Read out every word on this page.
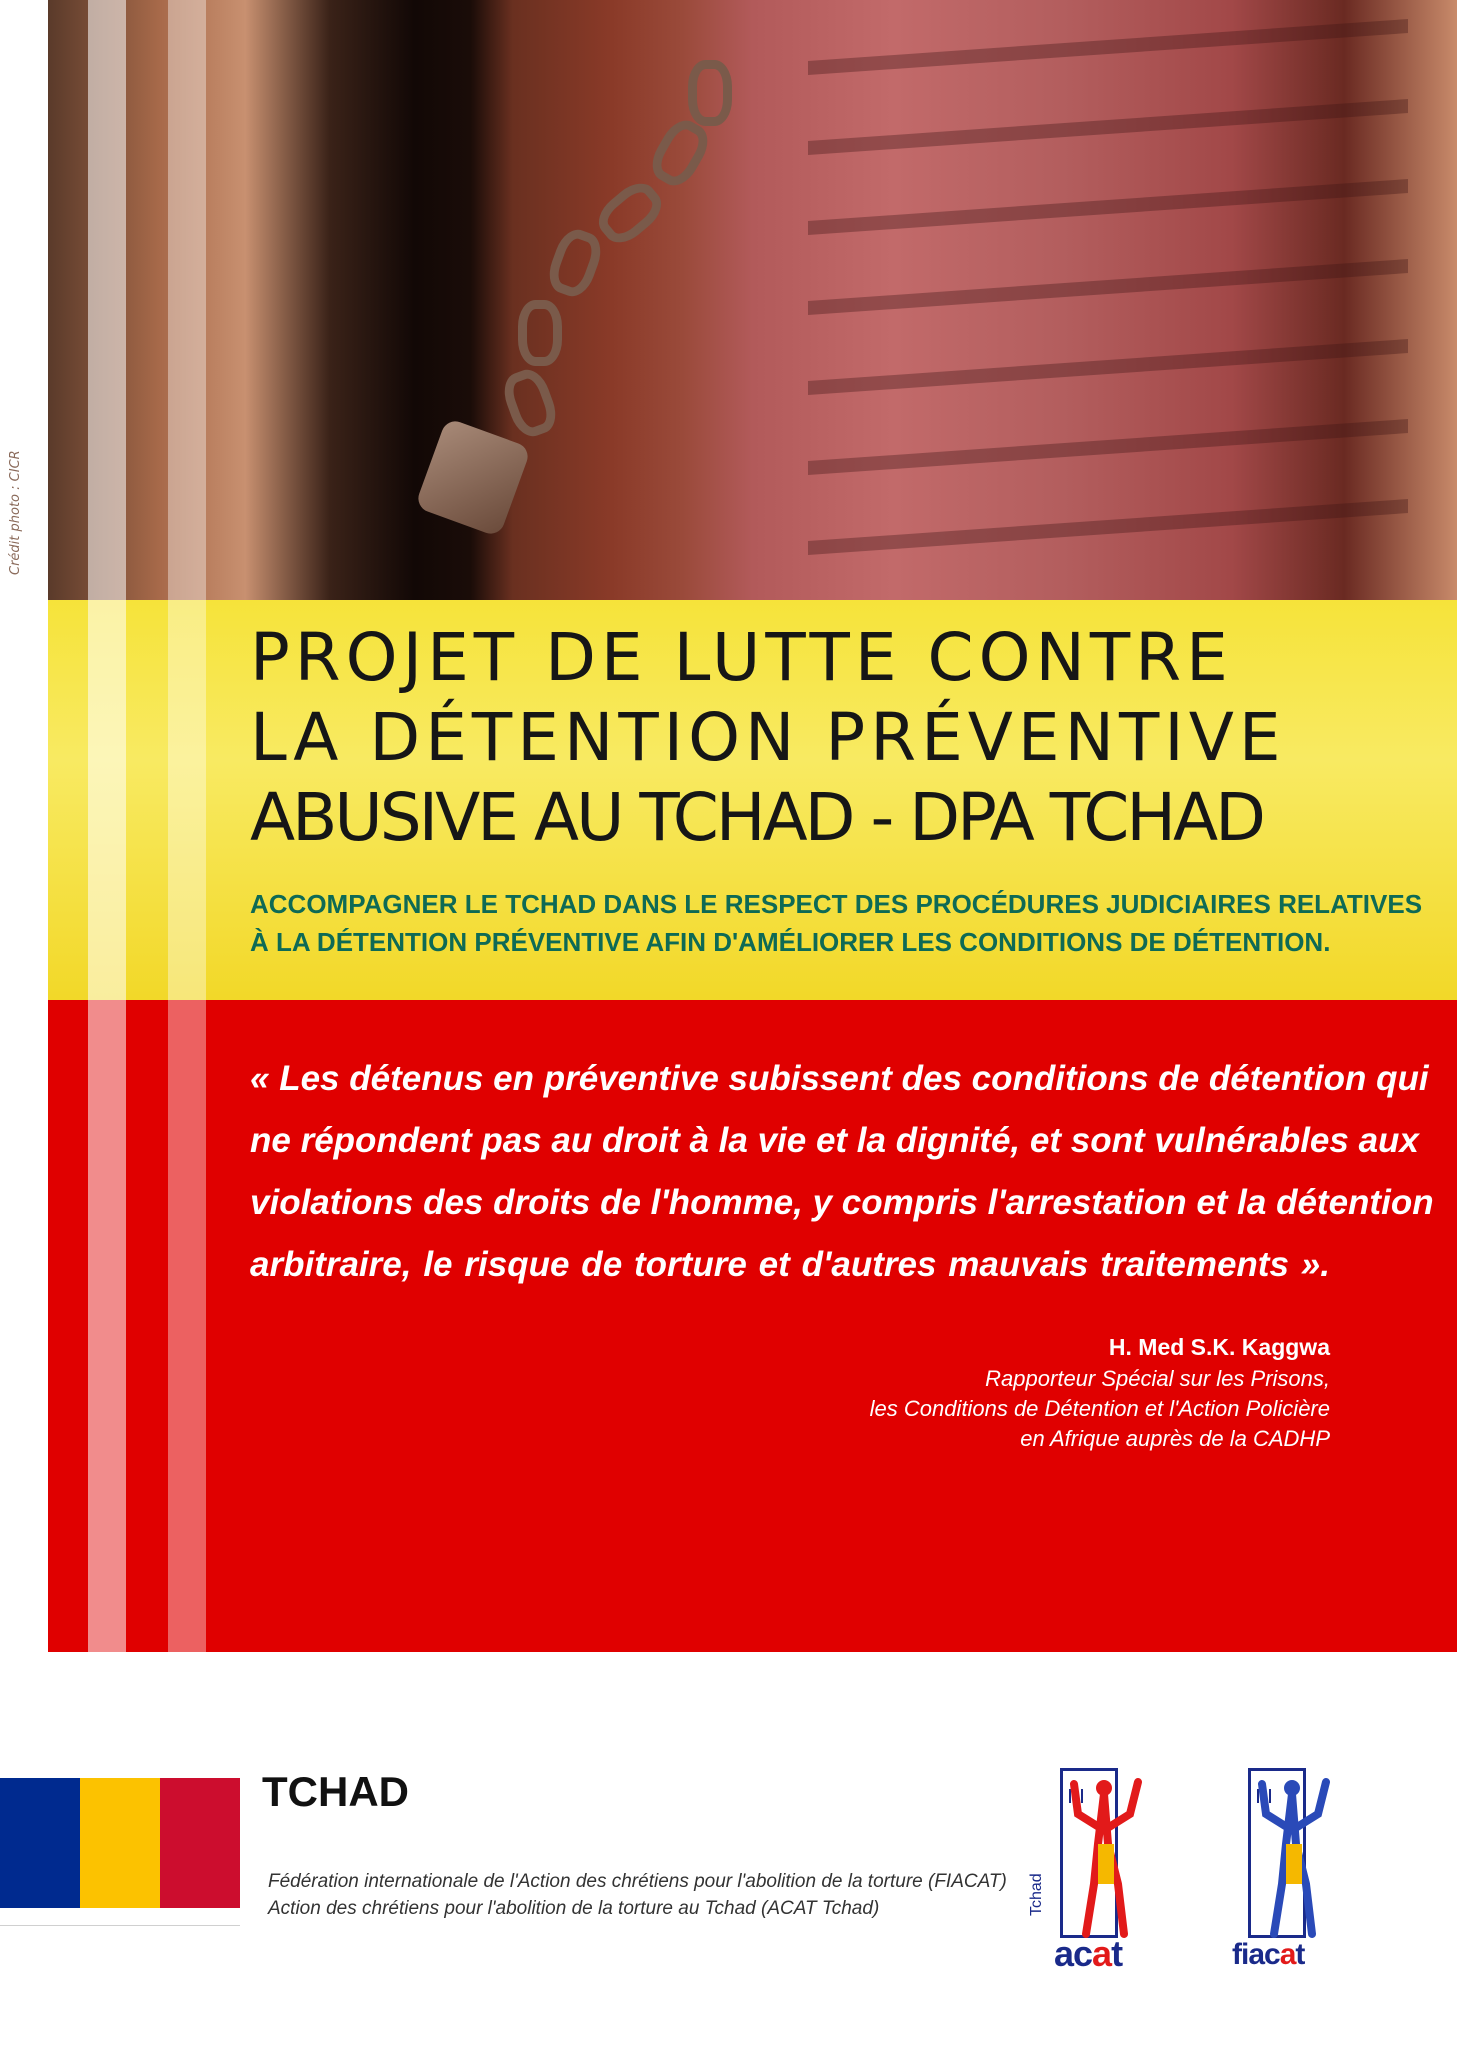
Crédit photo : CICR
PROJET DE LUTTE CONTRE
LA DÉTENTION PRÉVENTIVE
ABUSIVE AU TCHAD - DPA TCHAD
ACCOMPAGNER LE TCHAD DANS LE RESPECT DES PROCÉDURES JUDICIAIRES RELATIVES
À LA DÉTENTION PRÉVENTIVE AFIN D'AMÉLIORER LES CONDITIONS DE DÉTENTION.
« Les détenus en préventive subissent des conditions de détention qui
ne répondent pas au droit à la vie et la dignité, et sont vulnérables aux
violations des droits de l'homme, y compris l'arrestation et la détention
arbitraire, le risque de torture et d'autres mauvais traitements ».
H. Med S.K. Kaggwa
Rapporteur Spécial sur les Prisons,
les Conditions de Détention et l'Action Policière
en Afrique auprès de la CADHP
TCHAD
Fédération internationale de l'Action des chrétiens pour l'abolition de la torture (FIACAT)
Action des chrétiens pour l'abolition de la torture au Tchad (ACAT Tchad)	Tchad
acat	fiacat
